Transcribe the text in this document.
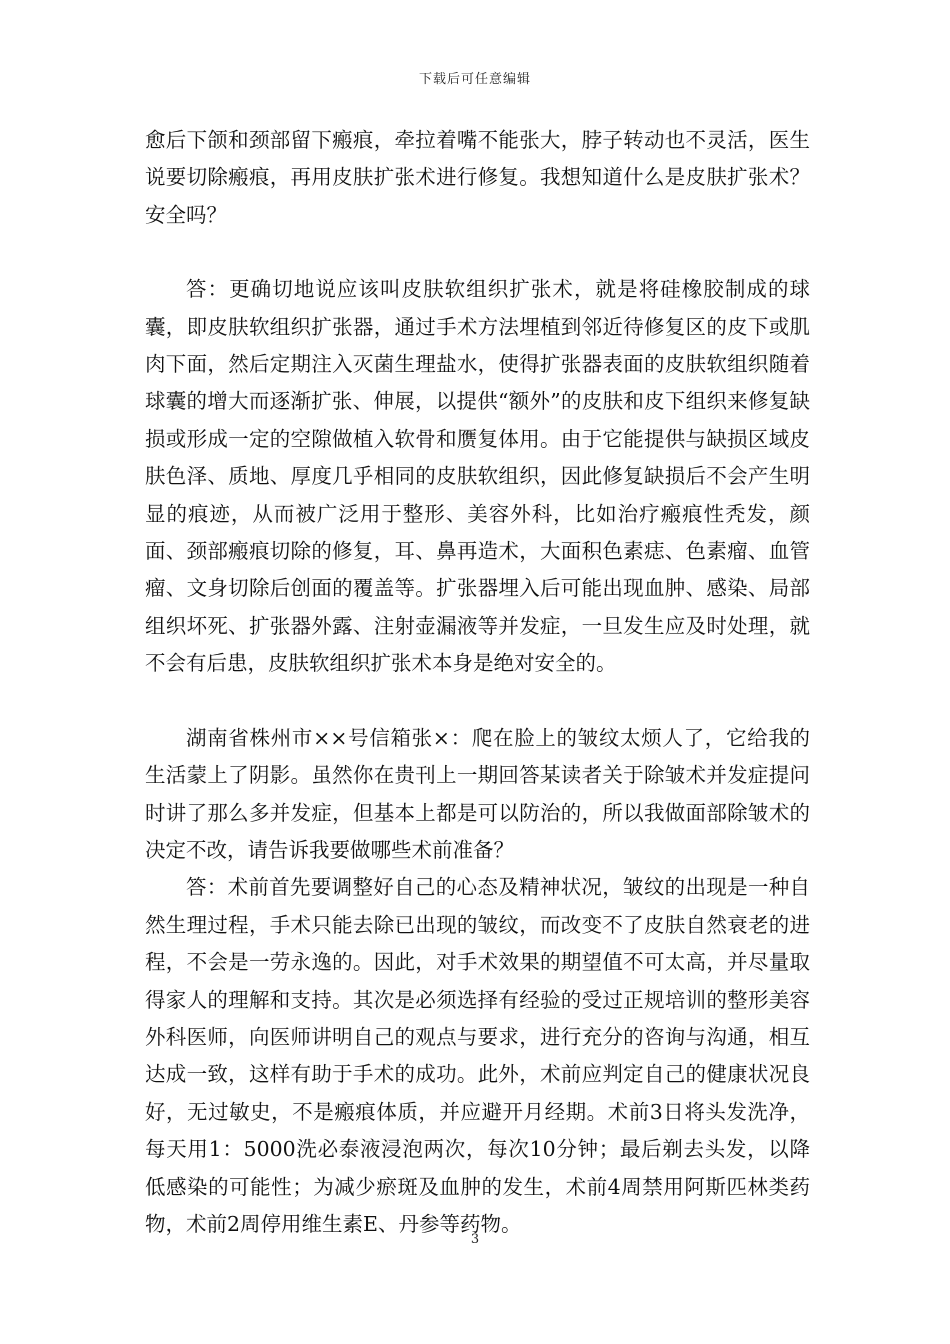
下载后可任意编辑

愈后下颌和颈部留下瘢痕，牵拉着嘴不能张大，脖子转动也不灵活，医生说要切除瘢痕，再用皮肤扩张术进行修复。我想知道什么是皮肤扩张术？安全吗？

答：更确切地说应该叫皮肤软组织扩张术，就是将硅橡胶制成的球囊，即皮肤软组织扩张器，通过手术方法埋植到邻近待修复区的皮下或肌肉下面，然后定期注入灭菌生理盐水，使得扩张器表面的皮肤软组织随着球囊的增大而逐渐扩张、伸展，以提供“额外”的皮肤和皮下组织来修复缺损或形成一定的空隙做植入软骨和赝复体用。由于它能提供与缺损区域皮肤色泽、质地、厚度几乎相同的皮肤软组织，因此修复缺损后不会产生明显的痕迹，从而被广泛用于整形、美容外科，比如治疗瘢痕性秃发，颜面、颈部瘢痕切除的修复，耳、鼻再造术，大面积色素痣、色素瘤、血管瘤、文身切除后创面的覆盖等。扩张器埋入后可能出现血肿、感染、局部组织坏死、扩张器外露、注射壶漏液等并发症，一旦发生应及时处理，就不会有后患，皮肤软组织扩张术本身是绝对安全的。

湖南省株州市××号信箱张×：爬在脸上的皱纹太烦人了，它给我的生活蒙上了阴影。虽然你在贵刊上一期回答某读者关于除皱术并发症提问时讲了那么多并发症，但基本上都是可以防治的，所以我做面部除皱术的决定不改，请告诉我要做哪些术前准备？

答：术前首先要调整好自己的心态及精神状况，皱纹的出现是一种自然生理过程，手术只能去除已出现的皱纹，而改变不了皮肤自然衰老的进程，不会是一劳永逸的。因此，对手术效果的期望值不可太高，并尽量取得家人的理解和支持。其次是必须选择有经验的受过正规培训的整形美容外科医师，向医师讲明自己的观点与要求，进行充分的咨询与沟通，相互达成一致，这样有助于手术的成功。此外，术前应判定自己的健康状况良好，无过敏史，不是瘢痕体质，并应避开月经期。术前3日将头发洗净，每天用1：5000洗必泰液浸泡两次，每次10分钟；最后剃去头发，以降低感染的可能性；为减少瘀斑及血肿的发生，术前4周禁用阿斯匹林类药物，术前2周停用维生素E、丹参等药物。

3
